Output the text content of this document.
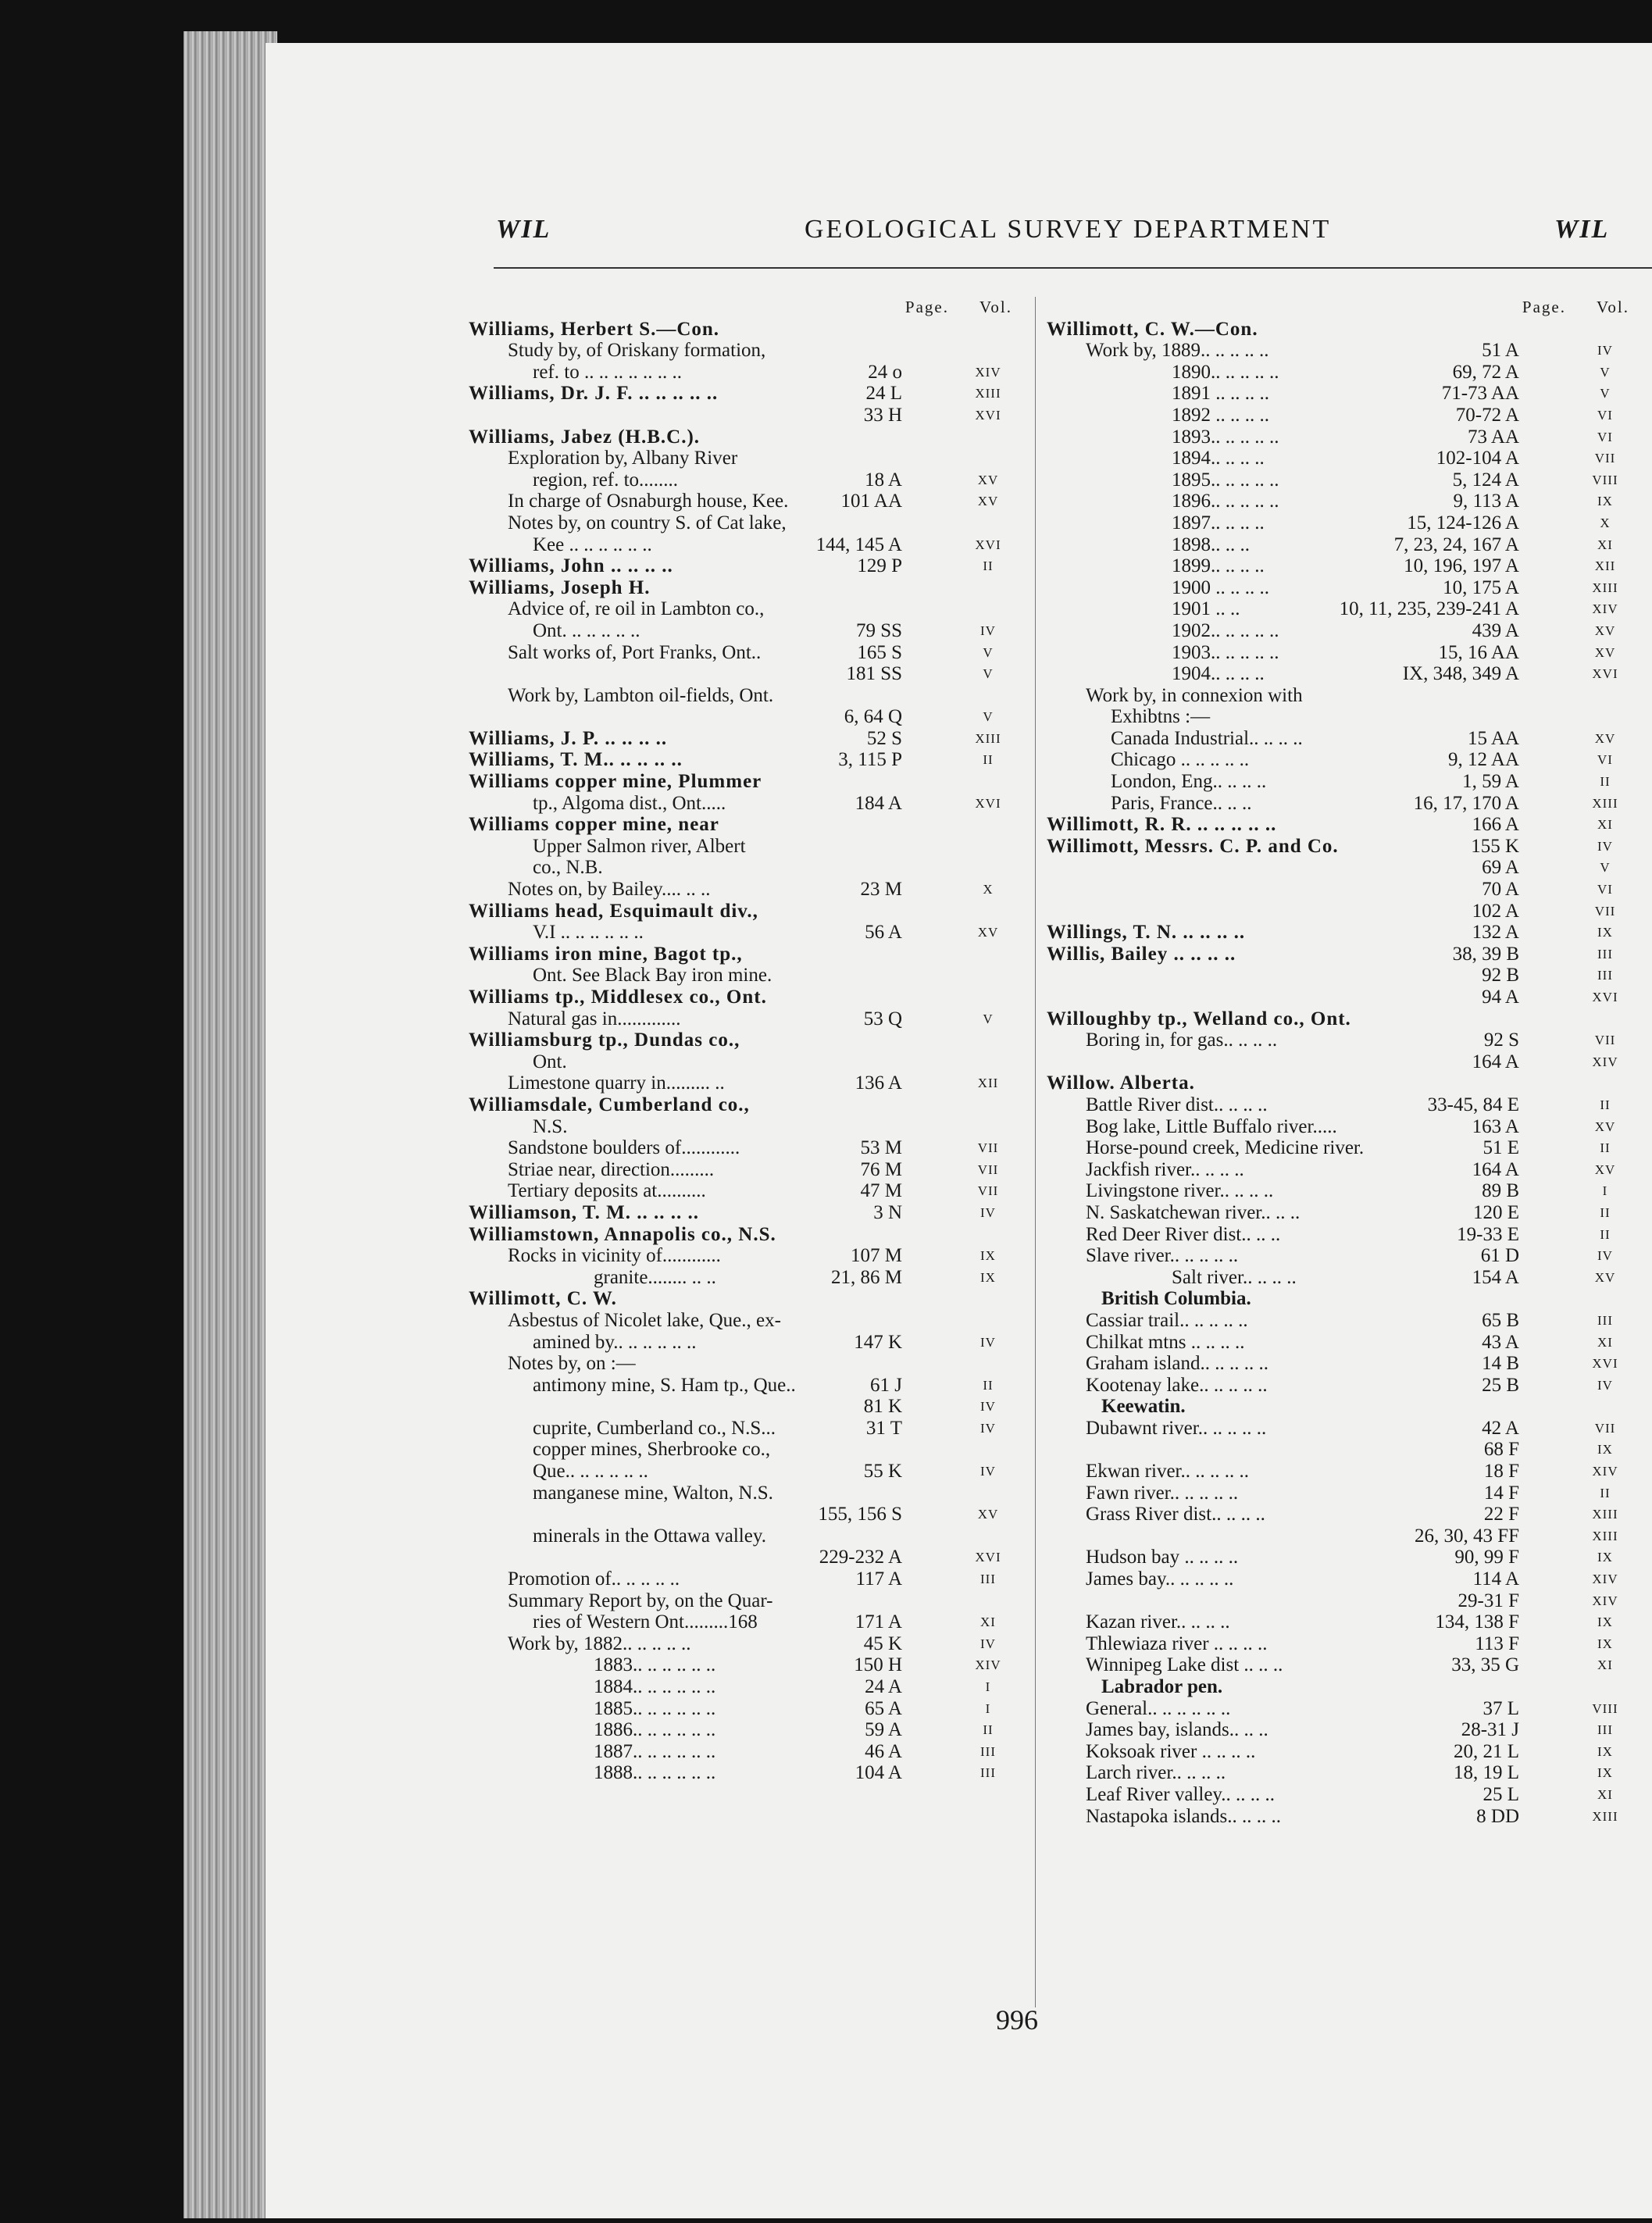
WIL	GEOLOGICAL SURVEY DEPARTMENT	WIL
Page.	Vol.
Williams, Herbert S.—Con.
Study by, of Oriskany formation,
ref. to .. .. .. .. .. .. ..	24 o	XIV
Williams, Dr. J. F. .. .. .. .. ..	24 L	XIII
33 H	XVI
Williams, Jabez (H.B.C.).
Exploration by, Albany River
region, ref. to........	18 A	XV
In charge of Osnaburgh house, Kee.	101 AA	XV
Notes by, on country S. of Cat lake,
Kee .. .. .. .. .. ..	144, 145 A	XVI
Williams, John .. .. .. ..	129 P	II
Williams, Joseph H.
Advice of, re oil in Lambton co.,
Ont. .. .. .. .. ..	79 SS	IV
Salt works of, Port Franks, Ont..	165 S	V
181 SS	V
Work by, Lambton oil-fields, Ont.
6, 64 Q	V
Williams, J. P. .. .. .. ..	52 S	XIII
Williams, T. M.. .. .. .. ..	3, 115 P	II
Williams copper mine, Plummer
tp., Algoma dist., Ont.....	184 A	XVI
Williams copper mine, near
Upper Salmon river, Albert
co., N.B.
Notes on, by Bailey.... .. ..	23 M	X
Williams head, Esquimault div.,
V.I .. .. .. .. .. ..	56 A	XV
Williams iron mine, Bagot tp.,
Ont. See Black Bay iron mine.
Williams tp., Middlesex co., Ont.
Natural gas in.............	53 Q	V
Williamsburg tp., Dundas co.,
Ont.
Limestone quarry in......... ..	136 A	XII
Williamsdale, Cumberland co.,
N.S.
Sandstone boulders of............	53 M	VII
Striae near, direction.........	76 M	VII
Tertiary deposits at..........	47 M	VII
Williamson, T. M. .. .. .. ..	3 N	IV
Williamstown, Annapolis co., N.S.
Rocks in vicinity of............	107 M	IX
granite........ .. ..	21, 86 M	IX
Willimott, C. W.
Asbestus of Nicolet lake, Que., ex-
amined by.. .. .. .. .. ..	147 K	IV
Notes by, on :—
antimony mine, S. Ham tp., Que..	61 J	II
81 K	IV
cuprite, Cumberland co., N.S...	31 T	IV
copper mines, Sherbrooke co.,
Que.. .. .. .. .. ..	55 K	IV
manganese mine, Walton, N.S.
155, 156 S	XV
minerals in the Ottawa valley.
229-232 A	XVI
Promotion of.. .. .. .. ..	117 A	III
Summary Report by, on the Quar-
ries of Western Ont.........168	171 A	XI
Work by, 1882.. .. .. .. ..	45 K	IV
1883.. .. .. .. .. ..	150 H	XIV
1884.. .. .. .. .. ..	24 A	I
1885.. .. .. .. .. ..	65 A	I
1886.. .. .. .. .. ..	59 A	II
1887.. .. .. .. .. ..	46 A	III
1888.. .. .. .. .. ..	104 A	III
Page.	Vol.
Willimott, C. W.—Con.
Work by, 1889.. .. .. .. ..	51 A	IV
1890.. .. .. .. ..	69, 72 A	V
1891 .. .. .. ..	71-73 AA	V
1892 .. .. .. ..	70-72 A	VI
1893.. .. .. .. ..	73 AA	VI
1894.. .. .. ..	102-104 A	VII
1895.. .. .. .. ..	5, 124 A	VIII
1896.. .. .. .. ..	9, 113 A	IX
1897.. .. .. ..	15, 124-126 A	X
1898.. .. ..	7, 23, 24, 167 A	XI
1899.. .. .. ..	10, 196, 197 A	XII
1900 .. .. .. ..	10, 175 A	XIII
1901 .. ..	10, 11, 235, 239-241 A	XIV
1902.. .. .. .. ..	439 A	XV
1903.. .. .. .. ..	15, 16 AA	XV
1904.. .. .. ..	IX, 348, 349 A	XVI
Work by, in connexion with
Exhibtns :—
Canada Industrial.. .. .. ..	15 AA	XV
Chicago .. .. .. .. ..	9, 12 AA	VI
London, Eng.. .. .. ..	1, 59 A	II
Paris, France.. .. ..	16, 17, 170 A	XIII
Willimott, R. R. .. .. .. .. ..	166 A	XI
Willimott, Messrs. C. P. and Co.	155 K	IV
69 A	V
70 A	VI
102 A	VII
Willings, T. N. .. .. .. ..	132 A	IX
Willis, Bailey .. .. .. ..	38, 39 B	III
92 B	III
94 A	XVI
Willoughby tp., Welland co., Ont.
Boring in, for gas.. .. .. ..	92 S	VII
164 A	XIV
Willow. Alberta.
Battle River dist.. .. .. ..	33-45, 84 E	II
Bog lake, Little Buffalo river.....	163 A	XV
Horse-pound creek, Medicine river.	51 E	II
Jackfish river.. .. .. ..	164 A	XV
Livingstone river.. .. .. ..	89 B	I
N. Saskatchewan river.. .. ..	120 E	II
Red Deer River dist.. .. ..	19-33 E	II
Slave river.. .. .. .. ..	61 D	IV
Salt river.. .. .. ..	154 A	XV
British Columbia.
Cassiar trail.. .. .. .. ..	65 B	III
Chilkat mtns .. .. .. ..	43 A	XI
Graham island.. .. .. .. ..	14 B	XVI
Kootenay lake.. .. .. .. ..	25 B	IV
Keewatin.
Dubawnt river.. .. .. .. ..	42 A	VII
68 F	IX
Ekwan river.. .. .. .. ..	18 F	XIV
Fawn river.. .. .. .. ..	14 F	II
Grass River dist.. .. .. ..	22 F	XIII
26, 30, 43 FF	XIII
Hudson bay .. .. .. ..	90, 99 F	IX
James bay.. .. .. .. ..	114 A	XIV
29-31 F	XIV
Kazan river.. .. .. ..	134, 138 F	IX
Thlewiaza river .. .. .. ..	113 F	IX
Winnipeg Lake dist .. .. ..	33, 35 G	XI
Labrador pen.
General.. .. .. .. .. ..	37 L	VIII
James bay, islands.. .. ..	28-31 J	III
Koksoak river .. .. .. ..	20, 21 L	IX
Larch river.. .. .. ..	18, 19 L	IX
Leaf River valley.. .. .. ..	25 L	XI
Nastapoka islands.. .. .. ..	8 DD	XIII
996
